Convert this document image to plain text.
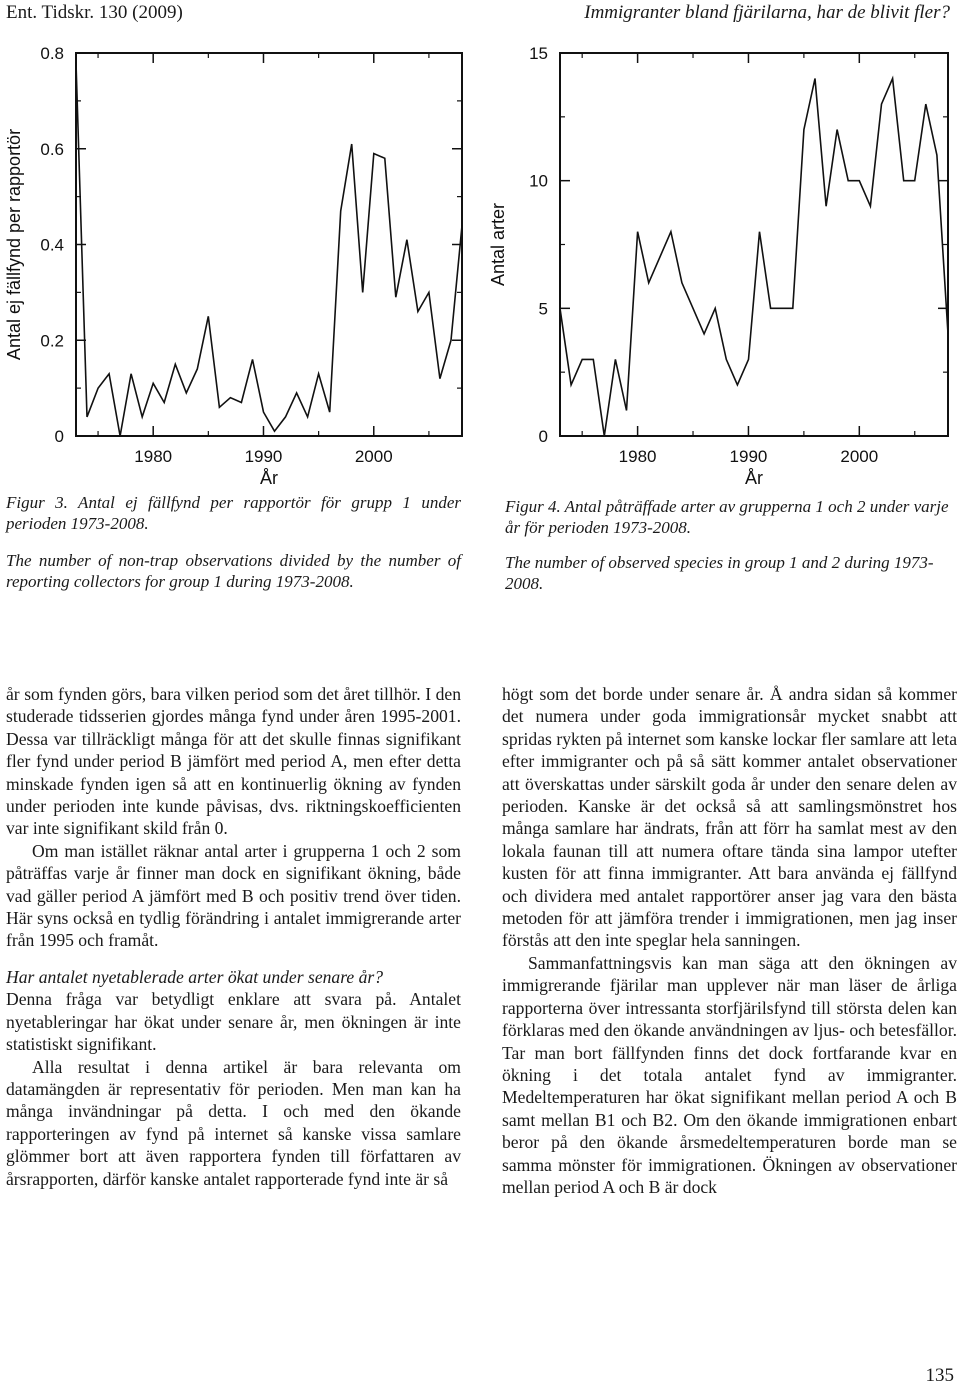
Ent. Tidskr. 130 (2009)	Immigranter bland fjärilarna, har de blivit fler?
0
0.2
0.4
0.6
0.8
1980	1990	2000
År
Antal ej fällfynd per rapportör
0
5
10
15
1980	1990	2000
År
Antal arter

Figur 3. Antal ej fällfynd per rapportör för grupp 1 under perioden 1973-2008.

The number of non-trap observations divided by the number of reporting collectors for group 1 during 1973-2008.

Figur 4. Antal påträffade arter av grupperna 1 och 2 under varje år för perioden 1973-2008.

The number of observed species in group 1 and 2 during 1973-2008.

år som fynden görs, bara vilken period som det året tillhör. I den studerade tidsserien gjordes många fynd under åren 1995-2001. Dessa var tillräckligt många för att det skulle finnas signifikant fler fynd under period B jämfört med period A, men efter detta minskade fynden igen så att en kontinuerlig ökning av fynden under perioden inte kunde påvisas, dvs. riktningskoefficienten var inte signifikant skild från 0.

Om man istället räknar antal arter i grupperna 1 och 2 som påträffas varje år finner man dock en signifikant ökning, både vad gäller period A jämfört med B och positiv trend över tiden. Här syns också en tydlig förändring i antalet immigrerande arter från 1995 och framåt.

Har antalet nyetablerade arter ökat under senare år?

Denna fråga var betydligt enklare att svara på. Antalet nyetableringar har ökat under senare år, men ökningen är inte statistiskt signifikant.

Alla resultat i denna artikel är bara relevanta om datamängden är representativ för perioden. Men man kan ha många invändningar på detta. I och med den ökande rapporteringen av fynd på internet så kanske vissa samlare glömmer bort att även rapportera fynden till författaren av årsrapporten, därför kanske antalet rapporterade fynd inte är så

högt som det borde under senare år. Å andra sidan så kommer det numera under goda immigrationsår mycket snabbt att spridas rykten på internet som kanske lockar fler samlare att leta efter immigranter och på så sätt kommer antalet observationer att överskattas under särskilt goda år under den senare delen av perioden. Kanske är det också så att samlingsmönstret hos många samlare har ändrats, från att förr ha samlat mest av den lokala faunan till att numera oftare tända sina lampor utefter kusten för att finna immigranter. Att bara använda ej fällfynd och dividera med antalet rapportörer anser jag vara den bästa metoden för att jämföra trender i immigrationen, men jag inser förstås att den inte speglar hela sanningen.

Sammanfattningsvis kan man säga att den ökningen av immigrerande fjärilar man upplever när man läser de årliga rapporterna över intressanta storfjärilsfynd till största delen kan förklaras med den ökande användningen av ljus- och betesfällor. Tar man bort fällfynden finns det dock fortfarande kvar en ökning i det totala antalet fynd av immigranter. Medeltemperaturen har ökat signifikant mellan period A och B samt mellan B1 och B2. Om den ökande immigrationen enbart beror på den ökande årsmedeltemperaturen borde man se samma mönster för immigrationen. Ökningen av observationer mellan period A och B är dock

135
